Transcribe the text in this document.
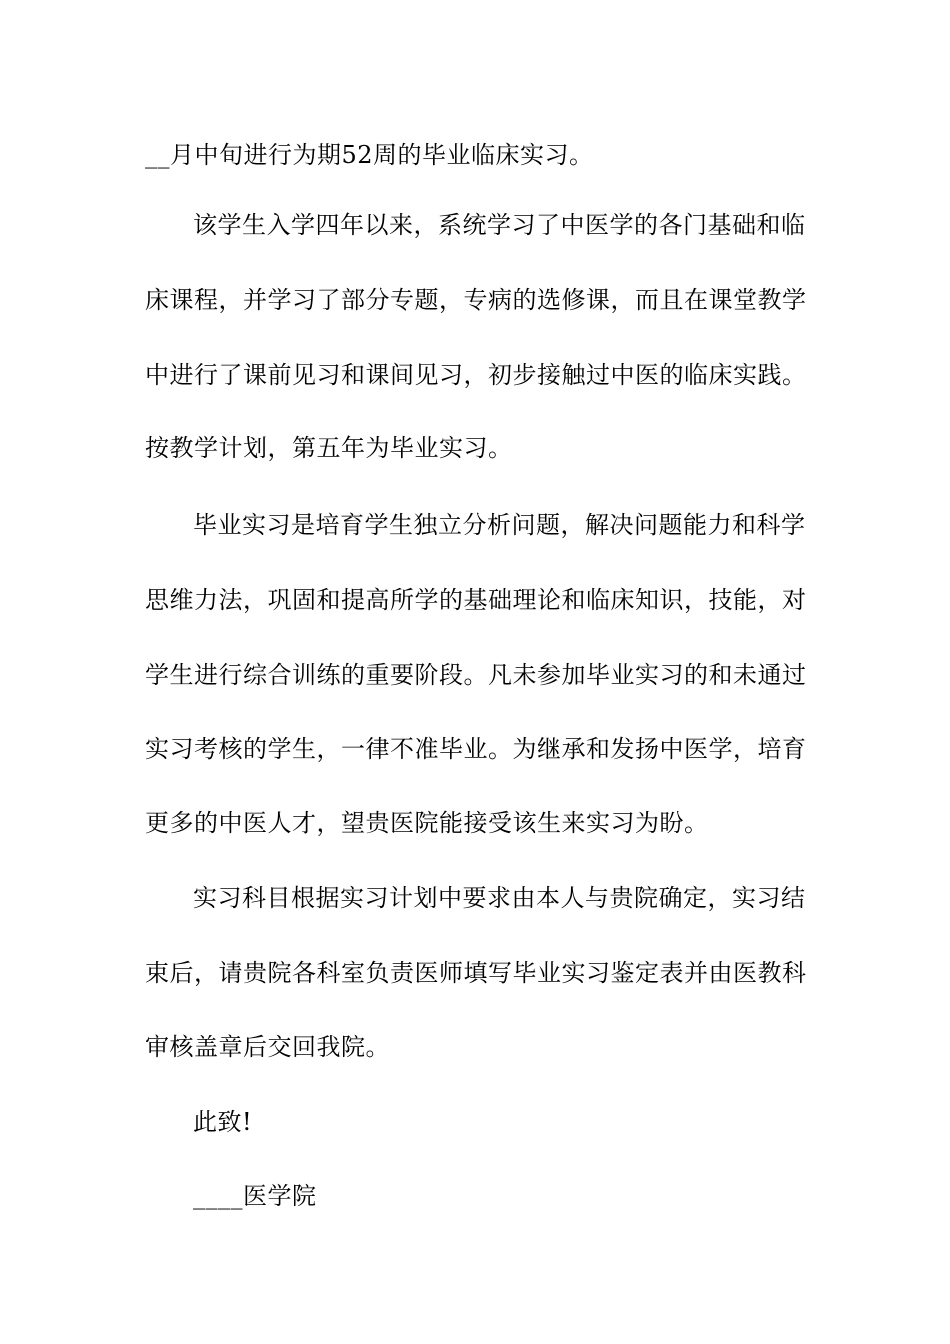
__月中旬进行为期52周的毕业临床实习。
该学生入学四年以来，系统学习了中医学的各门基础和临
床课程，并学习了部分专题，专病的选修课，而且在课堂教学
中进行了课前见习和课间见习，初步接触过中医的临床实践。
按教学计划，第五年为毕业实习。
毕业实习是培育学生独立分析问题，解决问题能力和科学
思维力法，巩固和提高所学的基础理论和临床知识，技能，对
学生进行综合训练的重要阶段。凡未参加毕业实习的和未通过
实习考核的学生，一律不准毕业。为继承和发扬中医学，培育
更多的中医人才，望贵医院能接受该生来实习为盼。
实习科目根据实习计划中要求由本人与贵院确定，实习结
束后，请贵院各科室负责医师填写毕业实习鉴定表并由医教科
审核盖章后交回我院。
此致!
____医学院
